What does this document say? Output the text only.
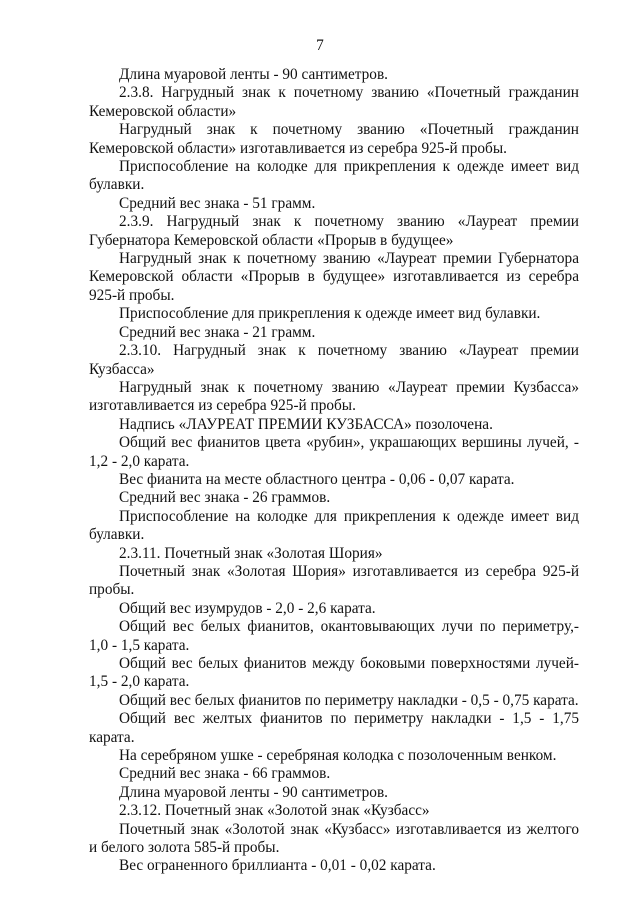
7

Длина муаровой ленты - 90 сантиметров.

2.3.8. Нагрудный знак к почетному званию «Почетный гражданин Кемеровской области»

Нагрудный знак к почетному званию «Почетный гражданин Кемеровской области» изготавливается из серебра 925-й пробы.

Приспособление на колодке для прикрепления к одежде имеет вид булавки.

Средний вес знака - 51 грамм.

2.3.9. Нагрудный знак к почетному званию «Лауреат премии Губернатора Кемеровской области «Прорыв в будущее»

Нагрудный знак к почетному званию «Лауреат премии Губернатора Кемеровской области «Прорыв в будущее» изготавливается из серебра 925-й пробы.

Приспособление для прикрепления к одежде имеет вид булавки.

Средний вес знака - 21 грамм.

2.3.10. Нагрудный знак к почетному званию «Лауреат премии Кузбасса»

Нагрудный знак к почетному званию «Лауреат премии Кузбасса» изготавливается из серебра 925-й пробы.

Надпись «ЛАУРЕАТ ПРЕМИИ КУЗБАССА» позолочена.

Общий вес фианитов цвета «рубин», украшающих вершины лучей, - 1,2 - 2,0 карата.

Вес фианита на месте областного центра - 0,06 - 0,07 карата.

Средний вес знака - 26 граммов.

Приспособление на колодке для прикрепления к одежде имеет вид булавки.

2.3.11. Почетный знак «Золотая Шория»

Почетный знак «Золотая Шория» изготавливается из серебра 925-й пробы.

Общий вес изумрудов - 2,0 - 2,6 карата.

Общий вес белых фианитов, окантовывающих лучи по периметру,- 1,0 - 1,5 карата.

Общий вес белых фианитов между боковыми поверхностями лучей- 1,5 - 2,0 карата.

Общий вес белых фианитов по периметру накладки - 0,5 - 0,75 карата.

Общий вес желтых фианитов по периметру накладки - 1,5 - 1,75 карата.

На серебряном ушке - серебряная колодка с позолоченным венком.

Средний вес знака - 66 граммов.

Длина муаровой ленты - 90 сантиметров.

2.3.12. Почетный знак «Золотой знак «Кузбасс»

Почетный знак «Золотой знак «Кузбасс» изготавливается из желтого и белого золота 585-й пробы.

Вес ограненного бриллианта - 0,01 - 0,02 карата.
